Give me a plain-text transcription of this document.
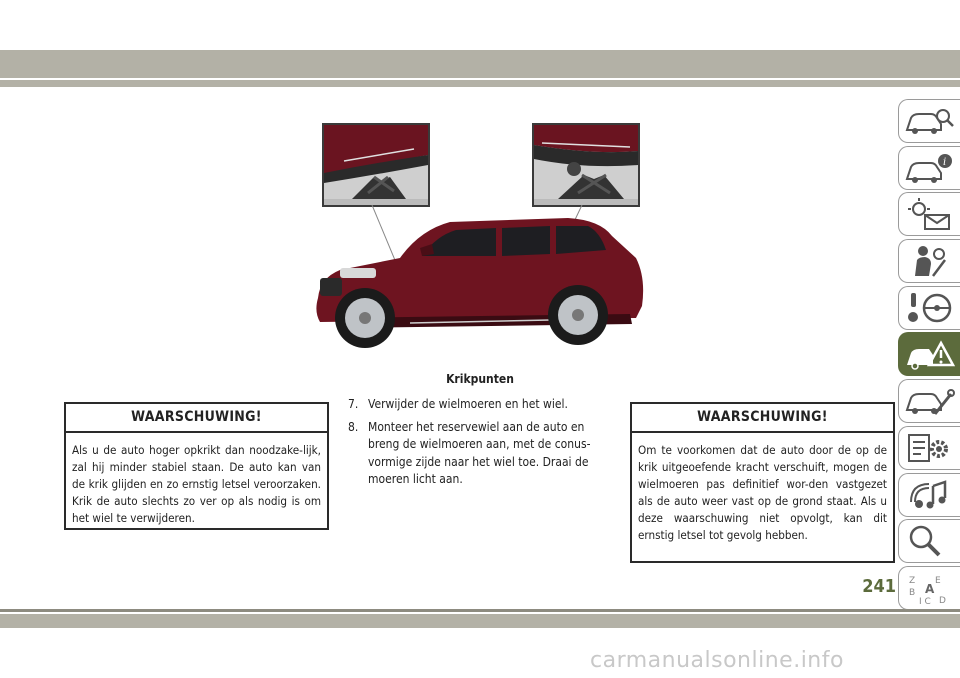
Krikpunten
WAARSCHUWING!
Als u de auto hoger opkrikt dan noodzake-lijk, zal hij minder stabiel staan. De auto kan van de krik glijden en zo ernstig letsel veroorzaken. Krik de auto slechts zo ver op als nodig is om het wiel te verwijderen.
7. Verwijder de wielmoeren en het wiel.
8. Monteer het reservewiel aan de auto en breng de wielmoeren aan, met de conus-vormige zijde naar het wiel toe. Draai de moeren licht aan.
WAARSCHUWING!
Om te voorkomen dat de auto door de op de krik uitgeoefende kracht verschuift, mogen de wielmoeren pas definitief wor-den vastgezet als de auto weer vast op de grond staat. Als u deze waarschuwing niet opvolgt, kan dit ernstig letsel tot gevolg hebben.
i
Z E
B A
I C D
241
carmanualsonline.info
